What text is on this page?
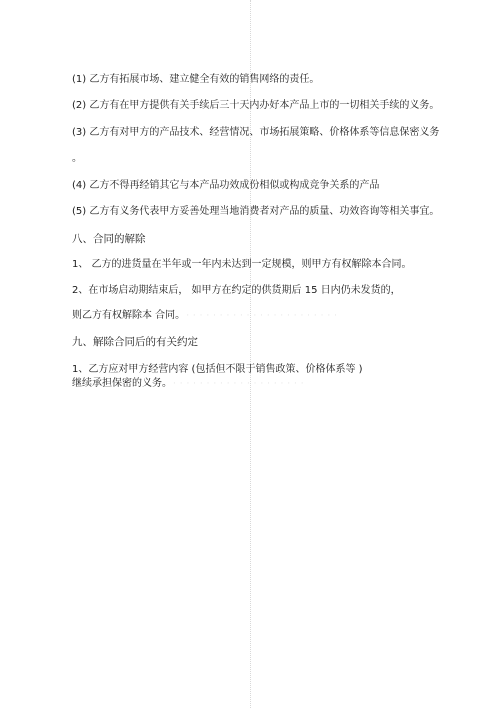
(1) 乙方有拓展市场、建立健全有效的销售网络的责任。
(2) 乙方有在甲方提供有关手续后三十天内办好本产品上市的一切相关手续的义务。
(3) 乙方有对甲方的产品技术、经营情况、市场拓展策略、价格体系等信息保密义务
。
(4) 乙方不得再经销其它与本产品功效成份相似或构成竞争关系的产品
(5) 乙方有义务代表甲方妥善处理当地消费者对产品的质量、功效咨询等相关事宜。
八、合同的解除
1、 乙方的进货量在半年或一年内未达到一定规模，则甲方有权解除本合同。
2、在市场启动期结束后， 如甲方在约定的供货期后 15 日内仍未发货的，
则乙方有权解除本 合同。 · · · · · · · · · · · · · · · · · · · · · · ·
九、解除合同后的有关约定
1、乙方应对甲方经营内容 (包括但不限于销售政策、价格体系等 )
继续承担保密的义务。 · · · · · · · · · · · · · · · · · · · ·
